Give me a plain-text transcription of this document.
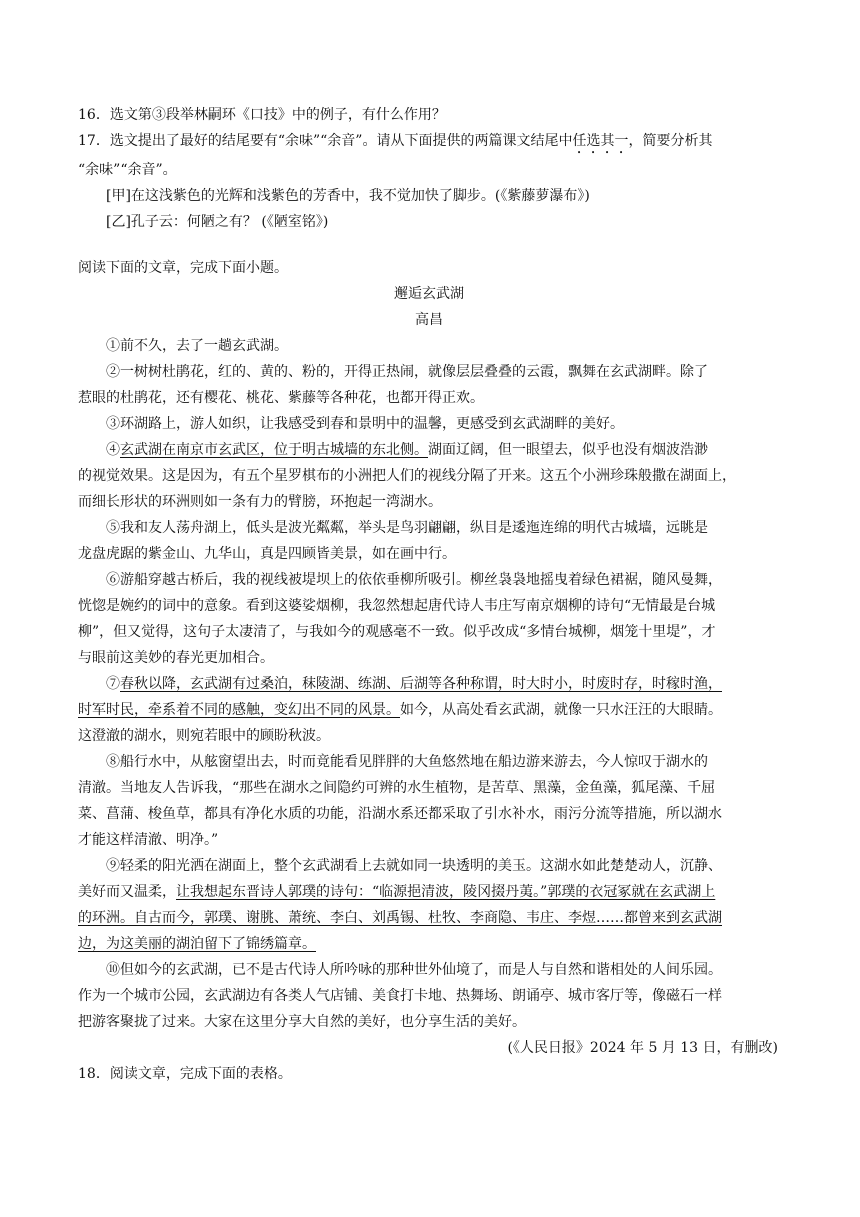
16．选文第③段举林嗣环《口技》中的例子，有什么作用？
17．选文提出了最好的结尾要有“余味”“余音”。请从下面提供的两篇课文结尾中任选其一，简要分析其
“余味”“余音”。
[甲]在这浅紫色的光辉和浅紫色的芳香中，我不觉加快了脚步。(《紫藤萝瀑布》)
[乙]孔子云：何陋之有？ (《陋室铭》)
阅读下面的文章，完成下面小题。
邂逅玄武湖
高昌
①前不久，去了一趟玄武湖。
②一树树杜鹃花，红的、黄的、粉的，开得正热闹，就像层层叠叠的云霞，飘舞在玄武湖畔。除了
惹眼的杜鹃花，还有樱花、桃花、紫藤等各种花，也都开得正欢。
③环湖路上，游人如织，让我感受到春和景明中的温馨，更感受到玄武湖畔的美好。
④玄武湖在南京市玄武区，位于明古城墙的东北侧。湖面辽阔，但一眼望去，似乎也没有烟波浩渺
的视觉效果。这是因为，有五个星罗棋布的小洲把人们的视线分隔了开来。这五个小洲珍珠般撒在湖面上，
而细长形状的环洲则如一条有力的臂膀，环抱起一湾湖水。
⑤我和友人荡舟湖上，低头是波光粼粼，举头是鸟羽翩翩，纵目是逶迤连绵的明代古城墙，远眺是
龙盘虎踞的紫金山、九华山，真是四顾皆美景，如在画中行。
⑥游船穿越古桥后，我的视线被堤坝上的依依垂柳所吸引。柳丝袅袅地摇曳着绿色裙裾，随风曼舞，
恍惚是婉约的词中的意象。看到这婆娑烟柳，我忽然想起唐代诗人韦庄写南京烟柳的诗句“无情最是台城
柳”，但又觉得，这句子太凄清了，与我如今的观感毫不一致。似乎改成“多情台城柳，烟笼十里堤”，才
与眼前这美妙的春光更加相合。
⑦春秋以降，玄武湖有过桑泊，秣陵湖、练湖、后湖等各种称谓，时大时小，时废时存，时稼时渔，
时军时民，牵系着不同的感触，变幻出不同的风景。如今，从高处看玄武湖，就像一只水汪汪的大眼睛。
这澄澈的湖水，则宛若眼中的顾盼秋波。
⑧船行水中，从舷窗望出去，时而竟能看见胖胖的大鱼悠然地在船边游来游去，今人惊叹于湖水的
清澈。当地友人告诉我，“那些在湖水之间隐约可辨的水生植物，是苦草、黑藻，金鱼藻，狐尾藻、千屈
菜、菖蒲、梭鱼草，都具有净化水质的功能，沿湖水系还都采取了引水补水，雨污分流等措施，所以湖水
才能这样清澈、明净。”
⑨轻柔的阳光洒在湖面上，整个玄武湖看上去就如同一块透明的美玉。这湖水如此楚楚动人，沉静、
美好而又温柔，让我想起东晋诗人郭璞的诗句：“临源挹清波，陵冈掇丹荑。”郭璞的衣冠冢就在玄武湖上
的环洲。自古而今，郭璞、谢朓、萧统、李白、刘禹锡、杜牧、李商隐、韦庄、李煜……都曾来到玄武湖
边，为这美丽的湖泊留下了锦绣篇章。
⑩但如今的玄武湖，已不是古代诗人所吟咏的那种世外仙境了，而是人与自然和谐相处的人间乐园。
作为一个城市公园，玄武湖边有各类人气店铺、美食打卡地、热舞场、朗诵亭、城市客厅等，像磁石一样
把游客聚拢了过来。大家在这里分享大自然的美好，也分享生活的美好。
(《人民日报》2024 年 5 月 13 日，有删改)
18．阅读文章，完成下面的表格。
